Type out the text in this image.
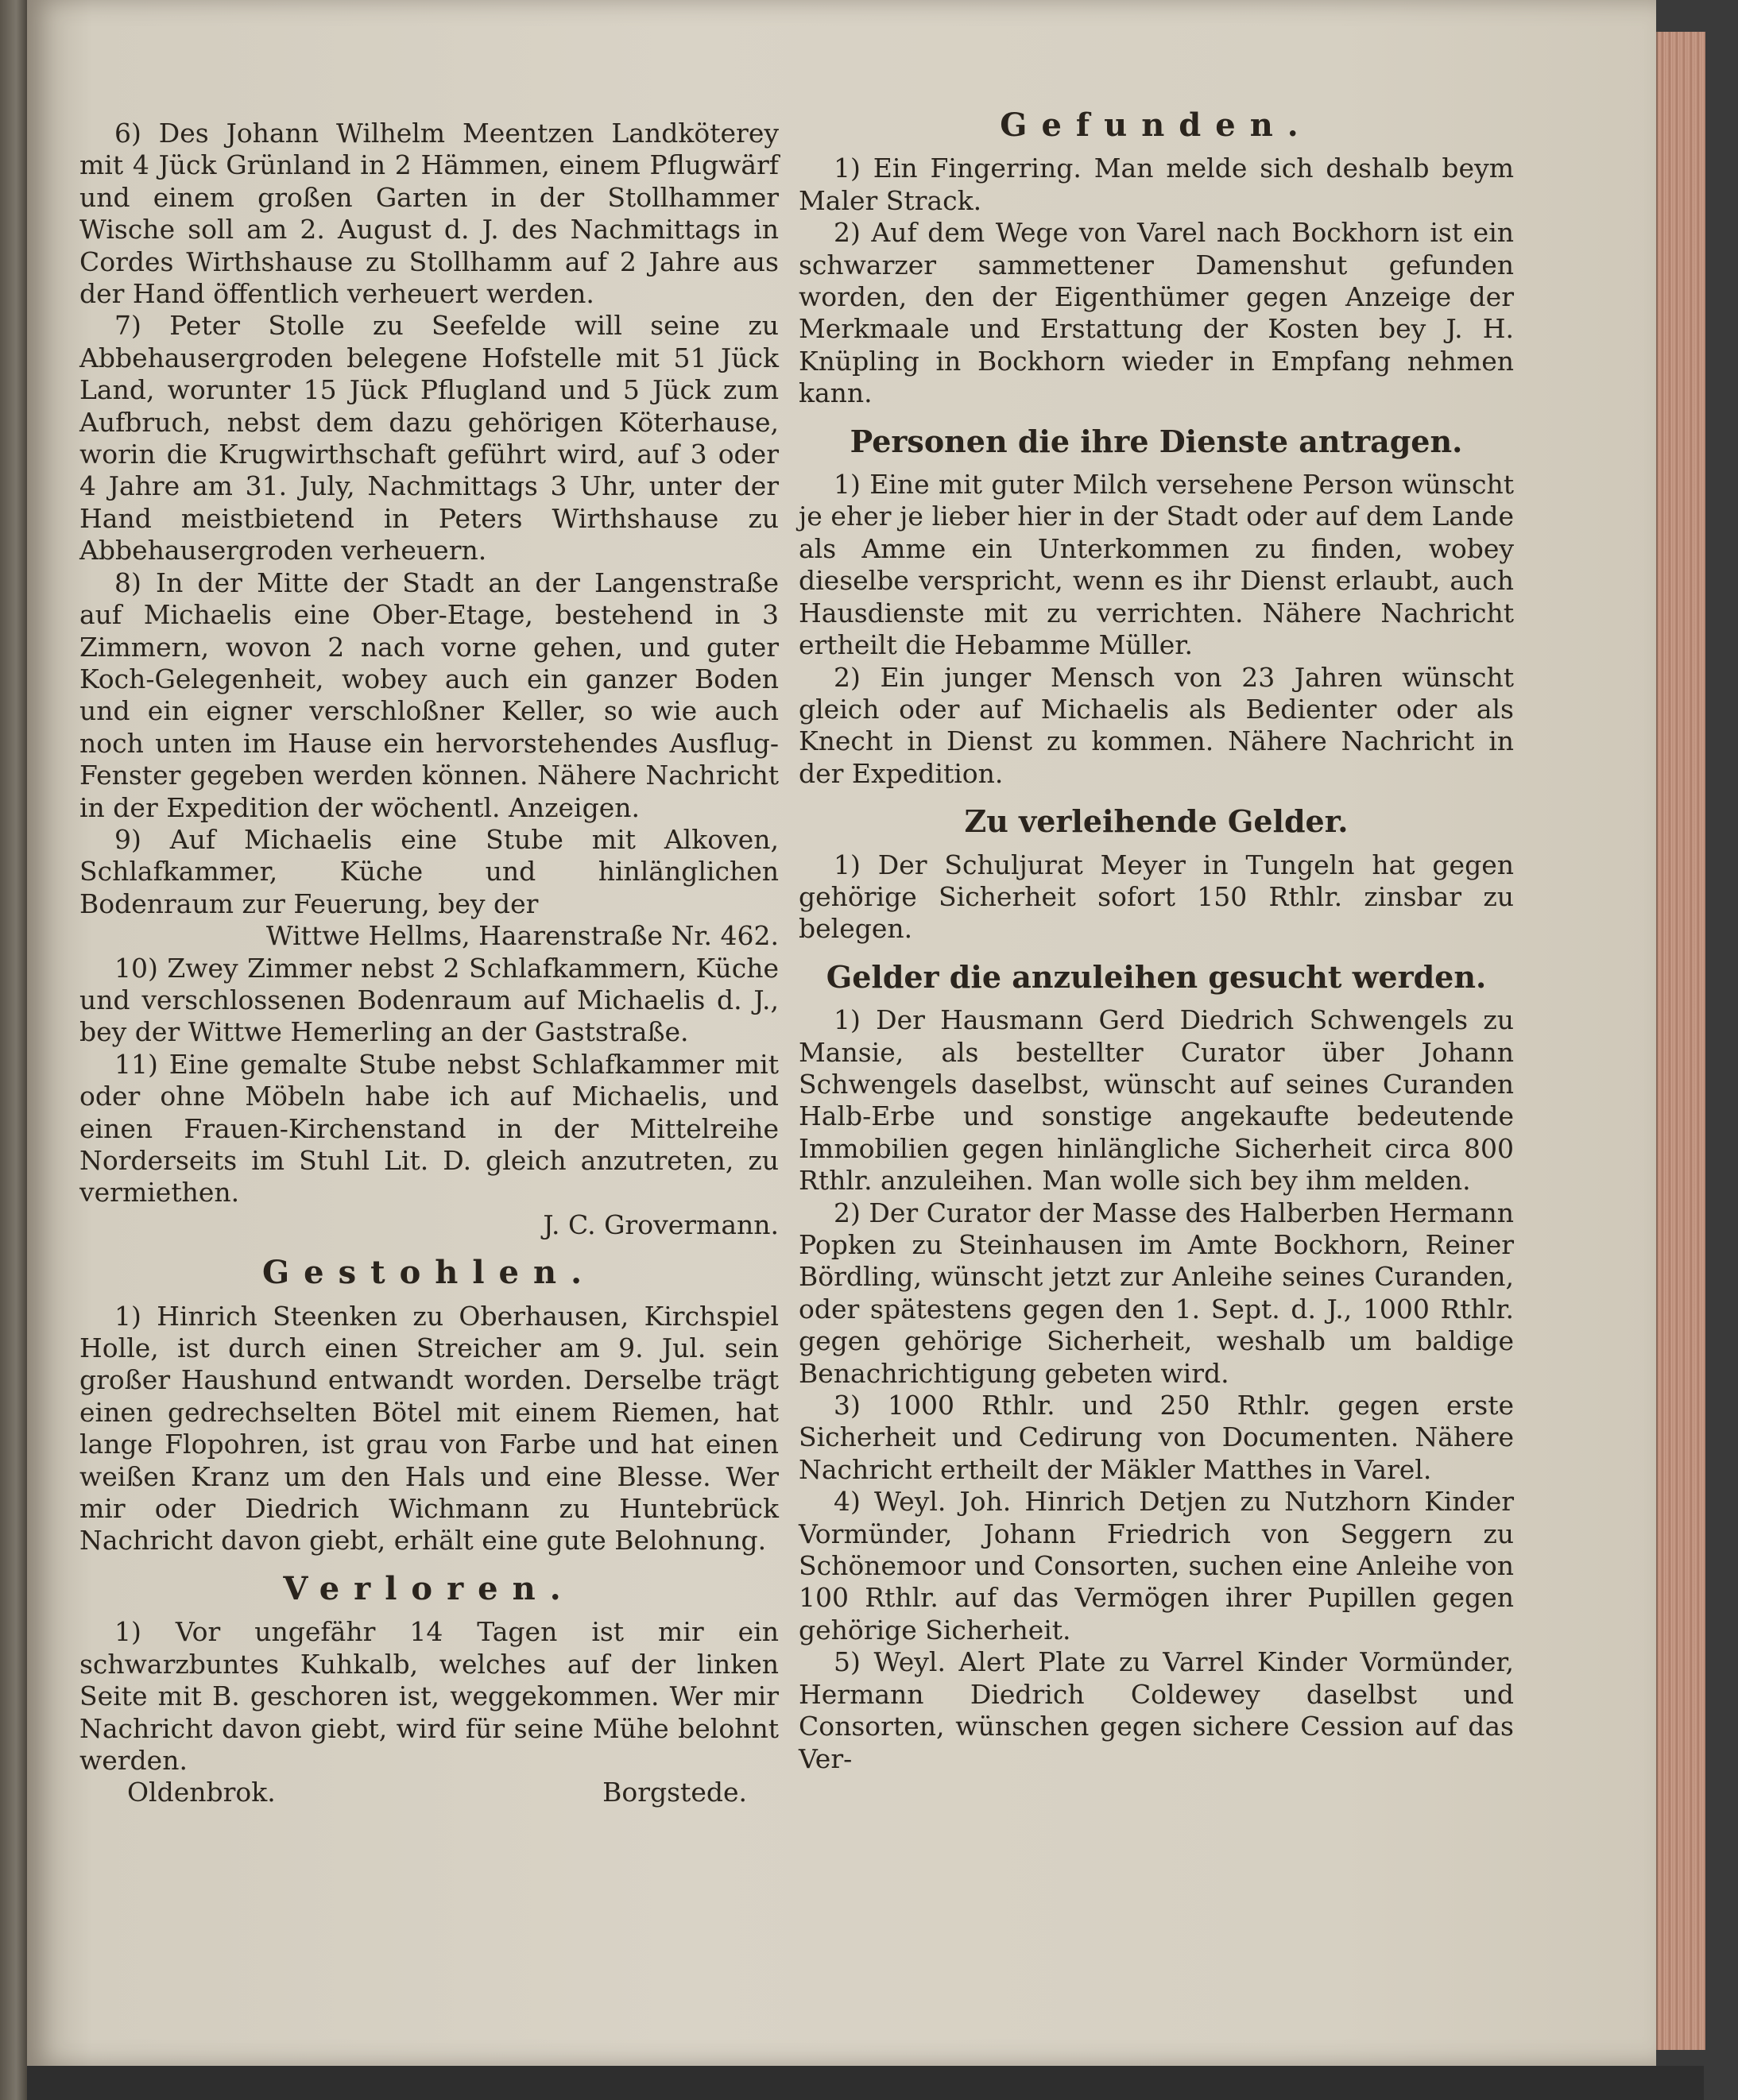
6) Des Johann Wilhelm Meentzen Landköterey mit 4 Jück Grünland in 2 Hämmen, einem Pflugwärf und einem großen Garten in der Stollhammer Wische soll am 2. August d. J. des Nachmittags in Cordes Wirthshause zu Stollhamm auf 2 Jahre aus der Hand öffentlich verheuert werden.

7) Peter Stolle zu Seefelde will seine zu Abbehausergroden belegene Hofstelle mit 51 Jück Land, worunter 15 Jück Pflugland und 5 Jück zum Aufbruch, nebst dem dazu gehörigen Köterhause, worin die Krugwirthschaft geführt wird, auf 3 oder 4 Jahre am 31. July, Nachmittags 3 Uhr, unter der Hand meistbietend in Peters Wirthshause zu Abbehausergroden verheuern.

8) In der Mitte der Stadt an der Langenstraße auf Michaelis eine Ober-Etage, bestehend in 3 Zimmern, wovon 2 nach vorne gehen, und guter Koch-Gelegenheit, wobey auch ein ganzer Boden und ein eigner verschloßner Keller, so wie auch noch unten im Hause ein hervorstehendes Ausflug-Fenster gegeben werden können. Nähere Nachricht in der Expedition der wöchentl. Anzeigen.

9) Auf Michaelis eine Stube mit Alkoven, Schlafkammer, Küche und hinlänglichen Bodenraum zur Feuerung, bey der

Wittwe Hellms, Haarenstraße Nr. 462.

10) Zwey Zimmer nebst 2 Schlafkammern, Küche und verschlossenen Bodenraum auf Michaelis d. J., bey der Wittwe Hemerling an der Gaststraße.

11) Eine gemalte Stube nebst Schlafkammer mit oder ohne Möbeln habe ich auf Michaelis, und einen Frauen-Kirchenstand in der Mittelreihe Norderseits im Stuhl Lit. D. gleich anzutreten, zu vermiethen.

J. C. Grovermann.

Gestohlen.

1) Hinrich Steenken zu Oberhausen, Kirchspiel Holle, ist durch einen Streicher am 9. Jul. sein großer Haushund entwandt worden. Derselbe trägt einen gedrechselten Bötel mit einem Riemen, hat lange Flopohren, ist grau von Farbe und hat einen weißen Kranz um den Hals und eine Blesse. Wer mir oder Diedrich Wichmann zu Huntebrück Nachricht davon giebt, erhält eine gute Belohnung.

Verloren.

1) Vor ungefähr 14 Tagen ist mir ein schwarzbuntes Kuhkalb, welches auf der linken Seite mit B. geschoren ist, weggekommen. Wer mir Nachricht davon giebt, wird für seine Mühe belohnt werden.

Oldenbrok.	Borgstede.
Gefunden.

1) Ein Fingerring. Man melde sich deshalb beym Maler Strack.

2) Auf dem Wege von Varel nach Bockhorn ist ein schwarzer sammettener Damenshut gefunden worden, den der Eigenthümer gegen Anzeige der Merkmaale und Erstattung der Kosten bey J. H. Knüpling in Bockhorn wieder in Empfang nehmen kann.

Personen die ihre Dienste antragen.

1) Eine mit guter Milch versehene Person wünscht je eher je lieber hier in der Stadt oder auf dem Lande als Amme ein Unterkommen zu finden, wobey dieselbe verspricht, wenn es ihr Dienst erlaubt, auch Hausdienste mit zu verrichten. Nähere Nachricht ertheilt die Hebamme Müller.

2) Ein junger Mensch von 23 Jahren wünscht gleich oder auf Michaelis als Bedienter oder als Knecht in Dienst zu kommen. Nähere Nachricht in der Expedition.

Zu verleihende Gelder.

1) Der Schuljurat Meyer in Tungeln hat gegen gehörige Sicherheit sofort 150 Rthlr. zinsbar zu belegen.

Gelder die anzuleihen gesucht werden.

1) Der Hausmann Gerd Diedrich Schwengels zu Mansie, als bestellter Curator über Johann Schwengels daselbst, wünscht auf seines Curanden Halb-Erbe und sonstige angekaufte bedeutende Immobilien gegen hinlängliche Sicherheit circa 800 Rthlr. anzuleihen. Man wolle sich bey ihm melden.

2) Der Curator der Masse des Halberben Hermann Popken zu Steinhausen im Amte Bockhorn, Reiner Bördling, wünscht jetzt zur Anleihe seines Curanden, oder spätestens gegen den 1. Sept. d. J., 1000 Rthlr. gegen gehörige Sicherheit, weshalb um baldige Benachrichtigung gebeten wird.

3) 1000 Rthlr. und 250 Rthlr. gegen erste Sicherheit und Cedirung von Documenten. Nähere Nachricht ertheilt der Mäkler Matthes in Varel.

4) Weyl. Joh. Hinrich Detjen zu Nutzhorn Kinder Vormünder, Johann Friedrich von Seggern zu Schönemoor und Consorten, suchen eine Anleihe von 100 Rthlr. auf das Vermögen ihrer Pupillen gegen gehörige Sicherheit.

5) Weyl. Alert Plate zu Varrel Kinder Vormünder, Hermann Diedrich Coldewey daselbst und Consorten, wünschen gegen sichere Cession auf das Ver-
